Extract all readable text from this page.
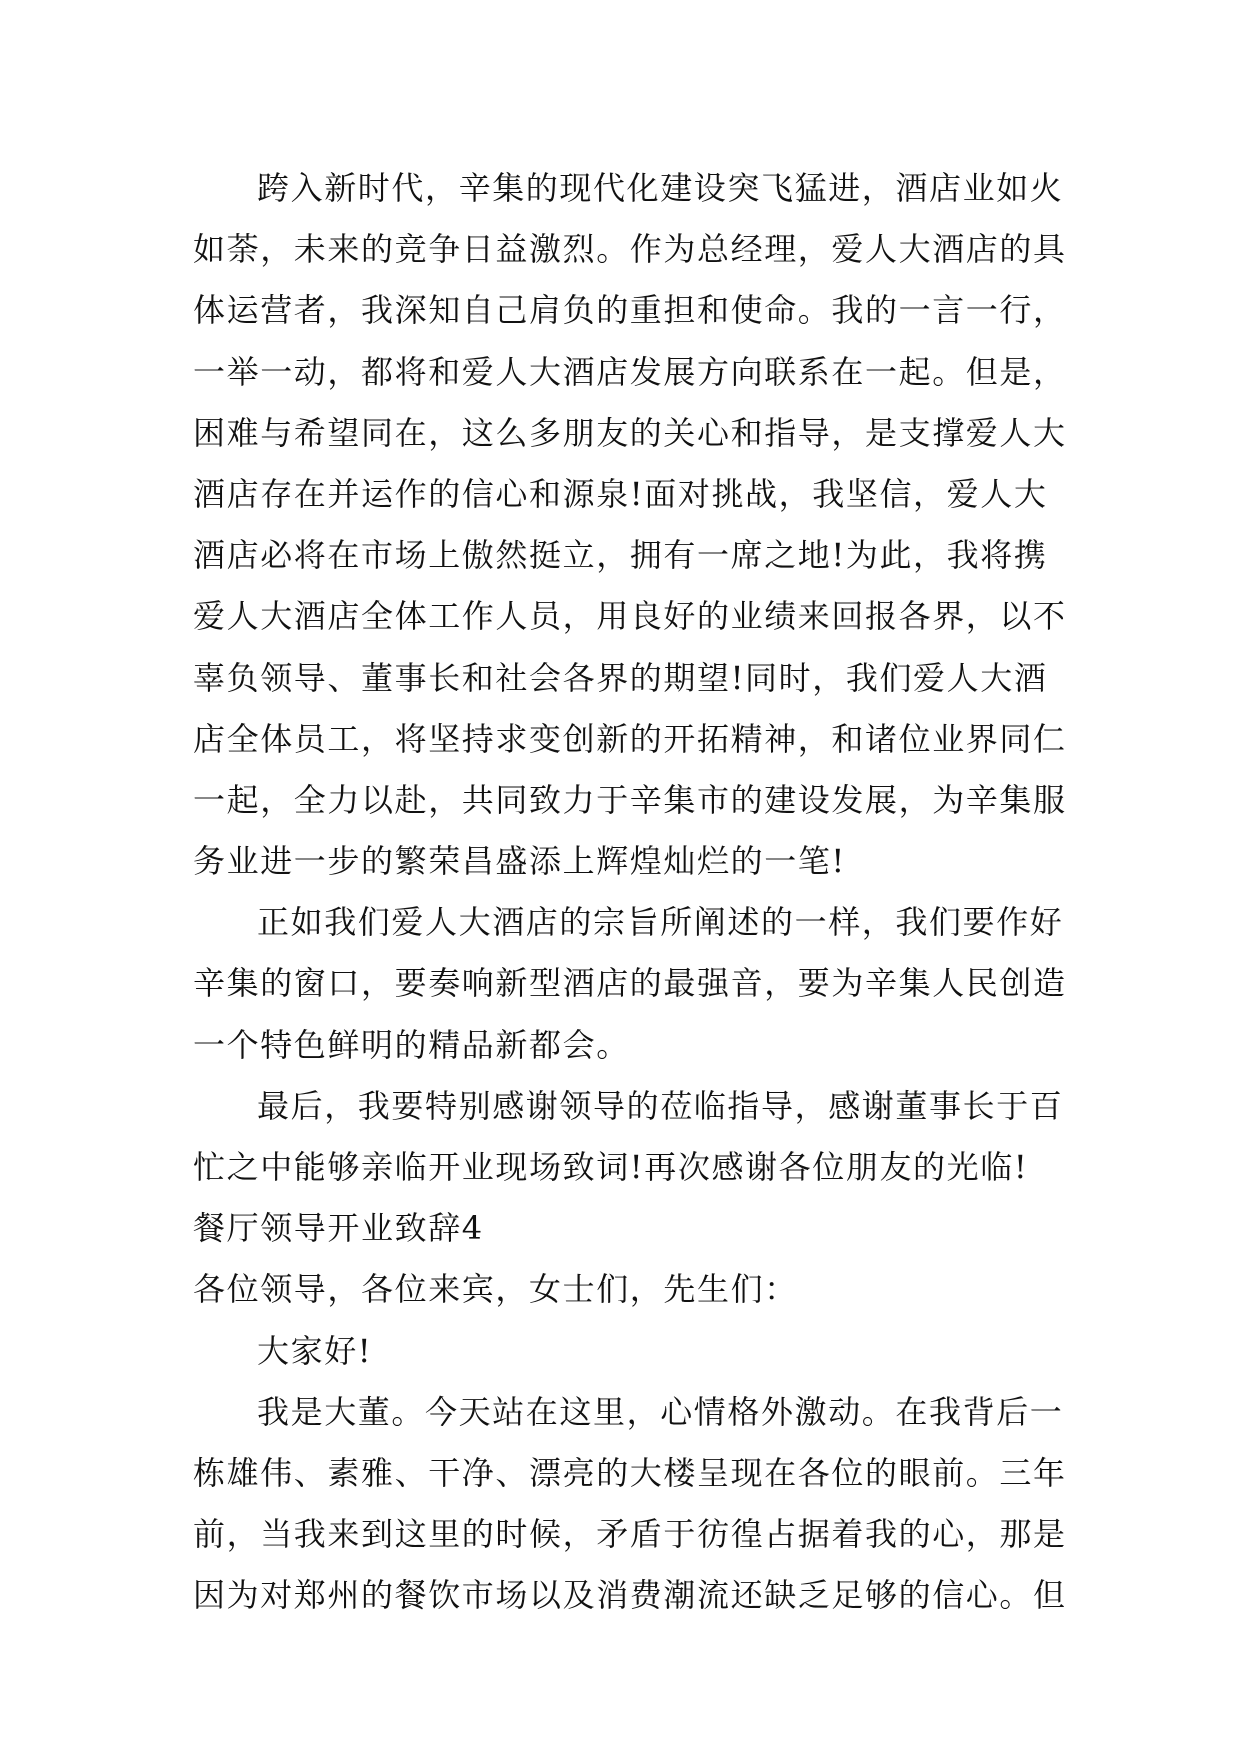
跨入新时代，辛集的现代化建设突飞猛进，酒店业如火
如荼，未来的竞争日益激烈。作为总经理，爱人大酒店的具
体运营者，我深知自己肩负的重担和使命。我的一言一行，
一举一动，都将和爱人大酒店发展方向联系在一起。但是，
困难与希望同在，这么多朋友的关心和指导，是支撑爱人大
酒店存在并运作的信心和源泉!面对挑战，我坚信，爱人大
酒店必将在市场上傲然挺立，拥有一席之地!为此，我将携
爱人大酒店全体工作人员，用良好的业绩来回报各界，以不
辜负领导、董事长和社会各界的期望!同时，我们爱人大酒
店全体员工，将坚持求变创新的开拓精神，和诸位业界同仁
一起，全力以赴，共同致力于辛集市的建设发展，为辛集服
务业进一步的繁荣昌盛添上辉煌灿烂的一笔!
正如我们爱人大酒店的宗旨所阐述的一样，我们要作好
辛集的窗口，要奏响新型酒店的最强音，要为辛集人民创造
一个特色鲜明的精品新都会。
最后，我要特别感谢领导的莅临指导，感谢董事长于百
忙之中能够亲临开业现场致词!再次感谢各位朋友的光临!
餐厅领导开业致辞4
各位领导，各位来宾，女士们，先生们：
大家好!
我是大董。今天站在这里，心情格外激动。在我背后一
栋雄伟、素雅、干净、漂亮的大楼呈现在各位的眼前。三年
前，当我来到这里的时候，矛盾于彷徨占据着我的心，那是
因为对郑州的餐饮市场以及消费潮流还缺乏足够的信心。但
